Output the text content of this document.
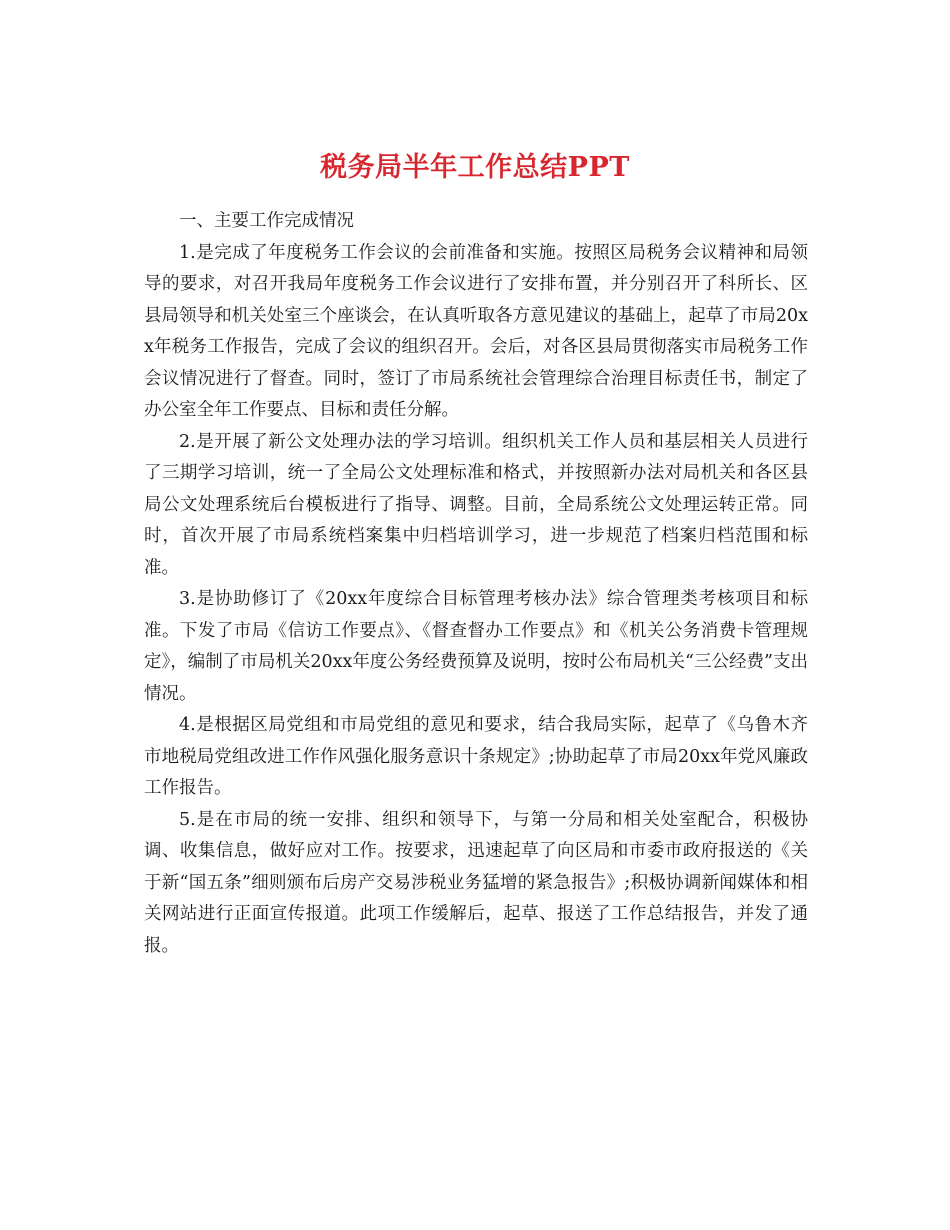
税务局半年工作总结PPT

一、主要工作完成情况

1.是完成了年度税务工作会议的会前准备和实施。按照区局税务会议精神和局领导的要求，对召开我局年度税务工作会议进行了安排布置，并分别召开了科所长、区县局领导和机关处室三个座谈会，在认真听取各方意见建议的基础上，起草了市局20xx年税务工作报告，完成了会议的组织召开。会后，对各区县局贯彻落实市局税务工作会议情况进行了督查。同时，签订了市局系统社会管理综合治理目标责任书，制定了办公室全年工作要点、目标和责任分解。

2.是开展了新公文处理办法的学习培训。组织机关工作人员和基层相关人员进行了三期学习培训，统一了全局公文处理标准和格式，并按照新办法对局机关和各区县局公文处理系统后台模板进行了指导、调整。目前，全局系统公文处理运转正常。同时，首次开展了市局系统档案集中归档培训学习，进一步规范了档案归档范围和标准。

3.是协助修订了《20xx年度综合目标管理考核办法》综合管理类考核项目和标准。下发了市局《信访工作要点》、《督查督办工作要点》和《机关公务消费卡管理规定》，编制了市局机关20xx年度公务经费预算及说明，按时公布局机关“三公经费”支出情况。

4.是根据区局党组和市局党组的意见和要求，结合我局实际，起草了《乌鲁木齐市地税局党组改进工作作风强化服务意识十条规定》;协助起草了市局20xx年党风廉政工作报告。

5.是在市局的统一安排、组织和领导下，与第一分局和相关处室配合，积极协调、收集信息，做好应对工作。按要求，迅速起草了向区局和市委市政府报送的《关于新“国五条”细则颁布后房产交易涉税业务猛增的紧急报告》;积极协调新闻媒体和相关网站进行正面宣传报道。此项工作缓解后，起草、报送了工作总结报告，并发了通报。
